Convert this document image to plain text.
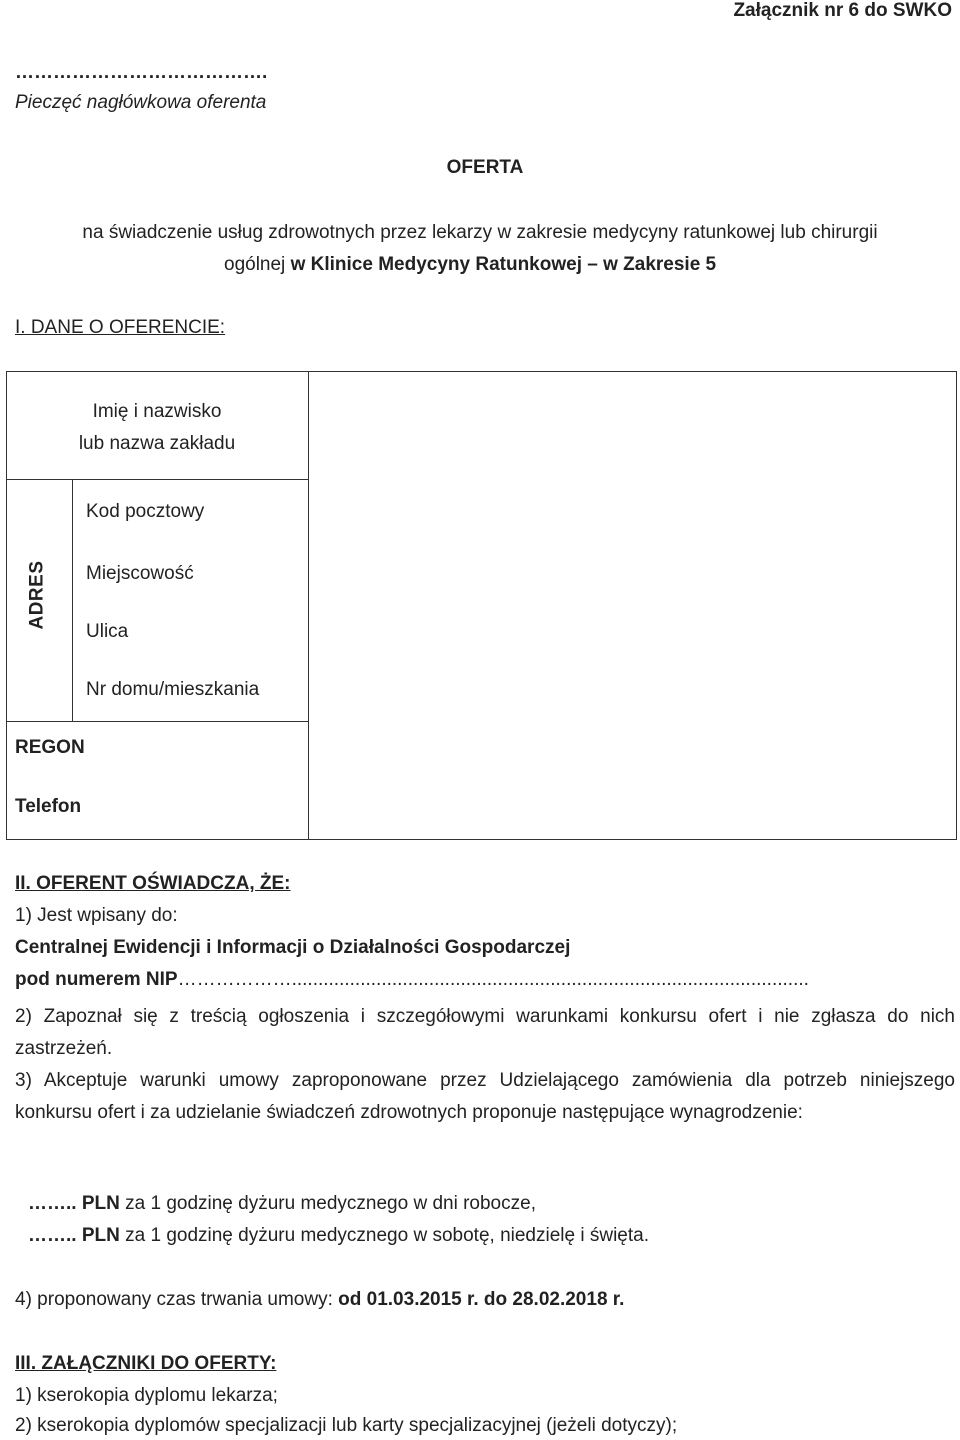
Załącznik nr 6 do SWKO
………………………………….
Pieczęć nagłówkowa oferenta
OFERTA
na świadczenie usług zdrowotnych przez lekarzy w zakresie medycyny ratunkowej lub chirurgii
ogólnej w Klinice Medycyny Ratunkowej – w Zakresie 5
I. DANE O OFERENCIE:
Imię i nazwisko
lub nazwa zakładu
ADRES
Kod pocztowy
Miejscowość
Ulica
Nr domu/mieszkania
REGON
Telefon
II. OFERENT OŚWIADCZA, ŻE:
1) Jest wpisany do:
Centralnej Ewidencji i Informacji o Działalności Gospodarczej
pod numerem NIP………………..................................................................................................
2) Zapoznał się z treścią ogłoszenia i szczegółowymi warunkami konkursu ofert i nie zgłasza do nich zastrzeżeń.
3) Akceptuje warunki umowy zaproponowane przez Udzielającego zamówienia dla potrzeb niniejszego konkursu ofert i za udzielanie świadczeń zdrowotnych proponuje następujące wynagrodzenie:
…….. PLN za 1 godzinę dyżuru medycznego w dni robocze,
…….. PLN za 1 godzinę dyżuru medycznego w sobotę, niedzielę i święta.
4) proponowany czas trwania umowy: od 01.03.2015 r. do 28.02.2018 r.
III. ZAŁĄCZNIKI DO OFERTY:
1) kserokopia dyplomu lekarza;
2) kserokopia dyplomów specjalizacji lub karty specjalizacyjnej (jeżeli dotyczy);
